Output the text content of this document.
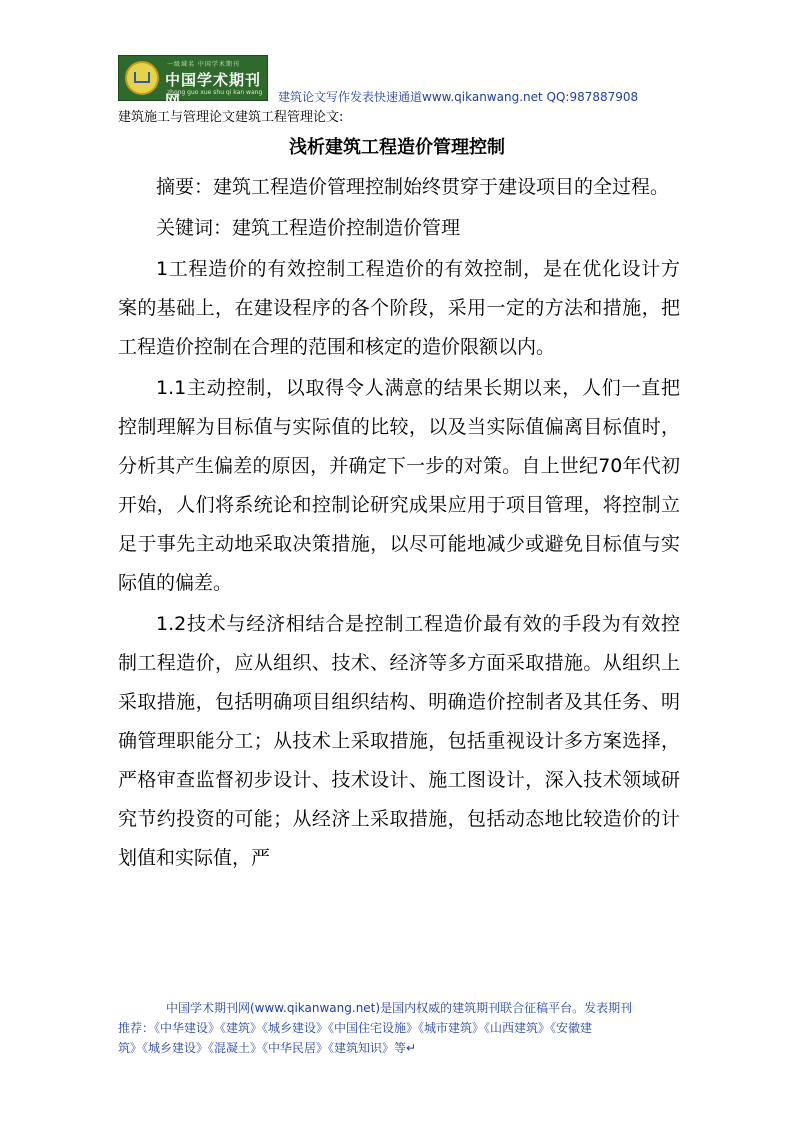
一级域名 中国学术期刊
中国学术期刊网
zhong guo xue shu qi kan wang 建筑论文写作发表快速通道www.qikanwang.net QQ:987887908
建筑施工与管理论文建筑工程管理论文:
浅析建筑工程造价管理控制

摘要：建筑工程造价管理控制始终贯穿于建设项目的全过程。

关键词：建筑工程造价控制造价管理

1工程造价的有效控制工程造价的有效控制，是在优化设计方案的基础上，在建设程序的各个阶段，采用一定的方法和措施，把工程造价控制在合理的范围和核定的造价限额以内。

1.1主动控制，以取得令人满意的结果长期以来，人们一直把控制理解为目标值与实际值的比较，以及当实际值偏离目标值时，分析其产生偏差的原因，并确定下一步的对策。自上世纪70年代初开始，人们将系统论和控制论研究成果应用于项目管理，将控制立足于事先主动地采取决策措施，以尽可能地减少或避免目标值与实际值的偏差。

1.2技术与经济相结合是控制工程造价最有效的手段为有效控制工程造价，应从组织、技术、经济等多方面采取措施。从组织上采取措施，包括明确项目组织结构、明确造价控制者及其任务、明确管理职能分工；从技术上采取措施，包括重视设计多方案选择，严格审查监督初步设计、技术设计、施工图设计，深入技术领域研究节约投资的可能；从经济上采取措施，包括动态地比较造价的计划值和实际值，严

中国学术期刊网(www.qikanwang.net)是国内权威的建筑期刊联合征稿平台。发表期刊

推荐：《中华建设》《建筑》《城乡建设》《中国住宅设施》《城市建筑》《山西建筑》《安徽建

筑》《城乡建设》《混凝土》《中华民居》《建筑知识》等↵
